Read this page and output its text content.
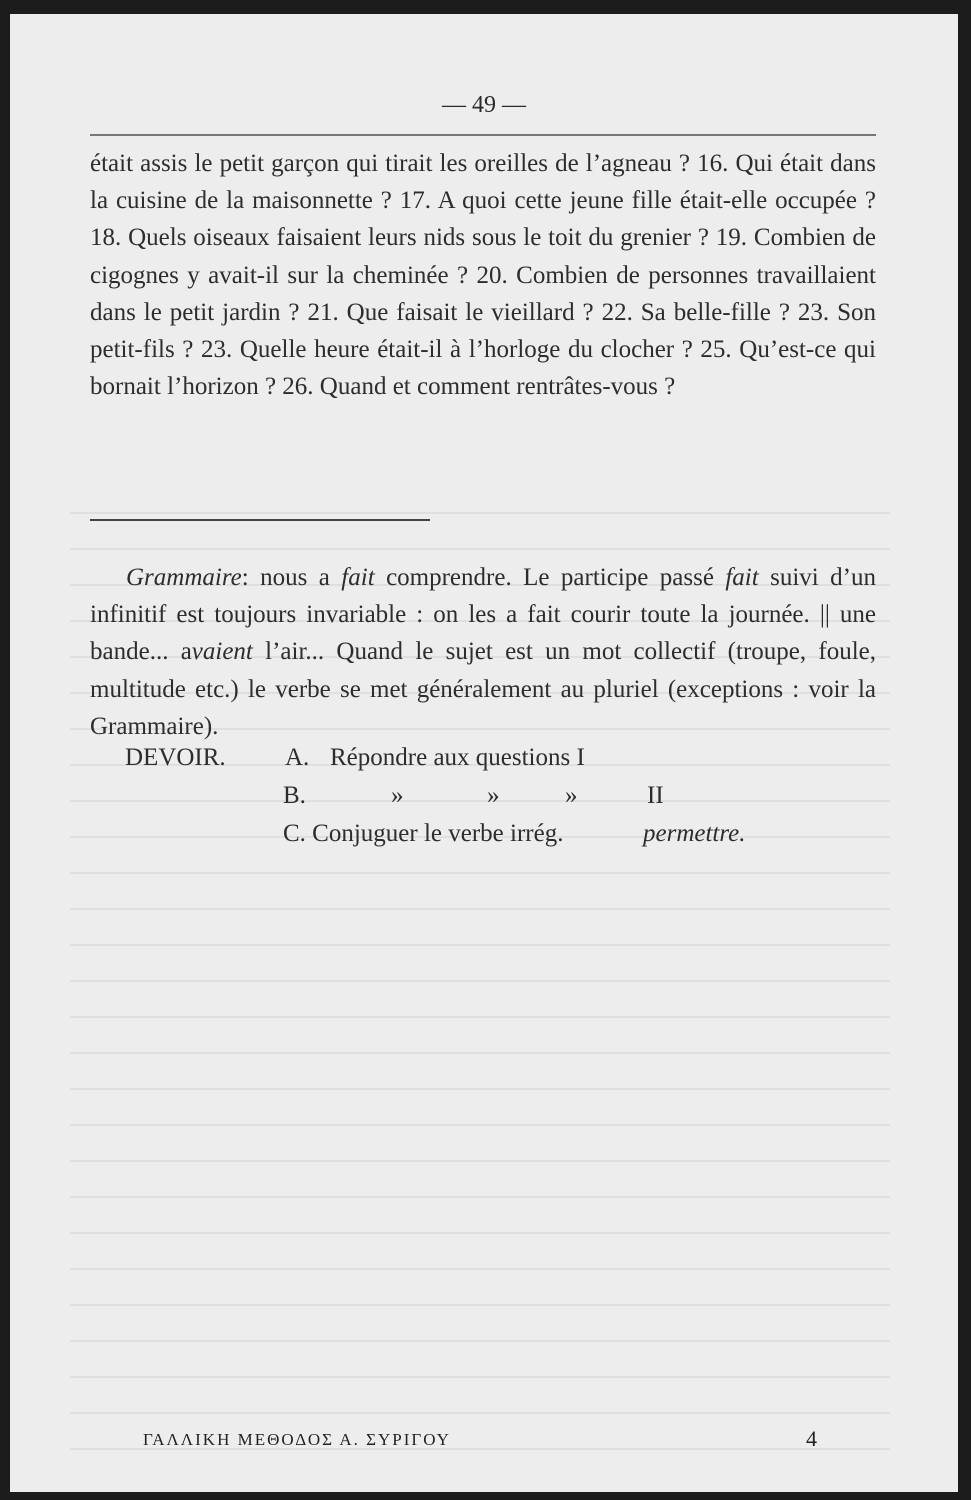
— 49 —
était assis le petit garçon qui tirait les oreilles de l’agneau ? 16. Qui était dans la cuisine de la maisonnette ? 17. A quoi cette jeune fille était-elle occupée ? 18. Quels oiseaux faisaient leurs nids sous le toit du grenier ? 19. Combien de cigognes y avait-il sur la cheminée ? 20. Combien de personnes travaillaient dans le petit jardin ? 21. Que faisait le vieillard ? 22. Sa belle-fille ? 23. Son petit-fils ? 23. Quelle heure était-il à l’horloge du clocher ? 25. Qu’est-ce qui bornait l’horizon ? 26. Quand et comment rentrâtes-vous ?
Grammaire: nous a fait comprendre. Le participe passé fait suivi d’un infinitif est toujours invariable : on les a fait courir toute la journée. || une bande... avaient l’air... Quand le sujet est un mot collectif (troupe, foule, multitude etc.) le verbe se met généralement au pluriel (exceptions : voir la Grammaire).
DEVOIR. A. Répondre aux questions I
B.	»	»	»	II
C. Conjuguer le verbe irrég.	permettre.
ΓΑΛΛΙΚΗ ΜΕΘΟΔΟΣ Α. ΣΥΡΙΓΟΥ	4
